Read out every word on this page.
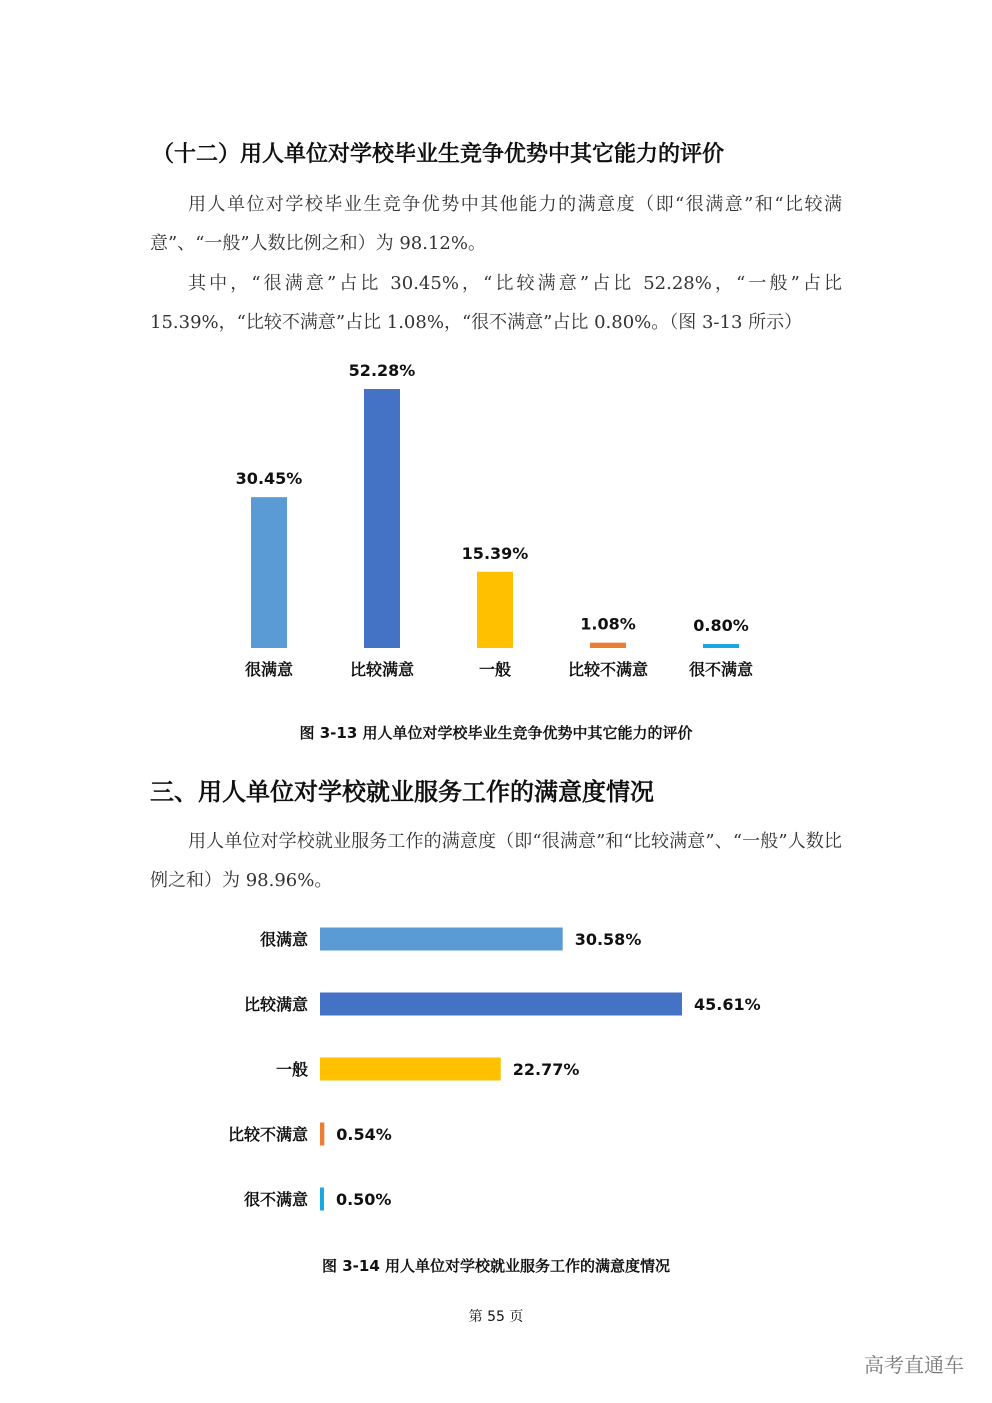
（十二）用人单位对学校毕业生竞争优势中其它能力的评价

用人单位对学校毕业生竞争优势中其他能力的满意度（即“很满意”和“比较满意”、“一般”人数比例之和）为 98.12%。

其中，“很满意”占比 30.45%，“比较满意”占比 52.28%，“一般”占比 15.39%，“比较不满意”占比 1.08%，“很不满意”占比 0.80%。（图 3-13 所示）

30.45%
很满意
52.28%
比较满意
15.39%
一般
1.08%
比较不满意
0.80%
很不满意

图 3-13 用人单位对学校毕业生竞争优势中其它能力的评价

三、用人单位对学校就业服务工作的满意度情况

用人单位对学校就业服务工作的满意度（即“很满意”和“比较满意”、“一般”人数比例之和）为 98.96%。

30.58%
很满意
45.61%
比较满意
22.77%
一般
0.54%
比较不满意
0.50%
很不满意

图 3-14 用人单位对学校就业服务工作的满意度情况

第 55 页

高考直通车
